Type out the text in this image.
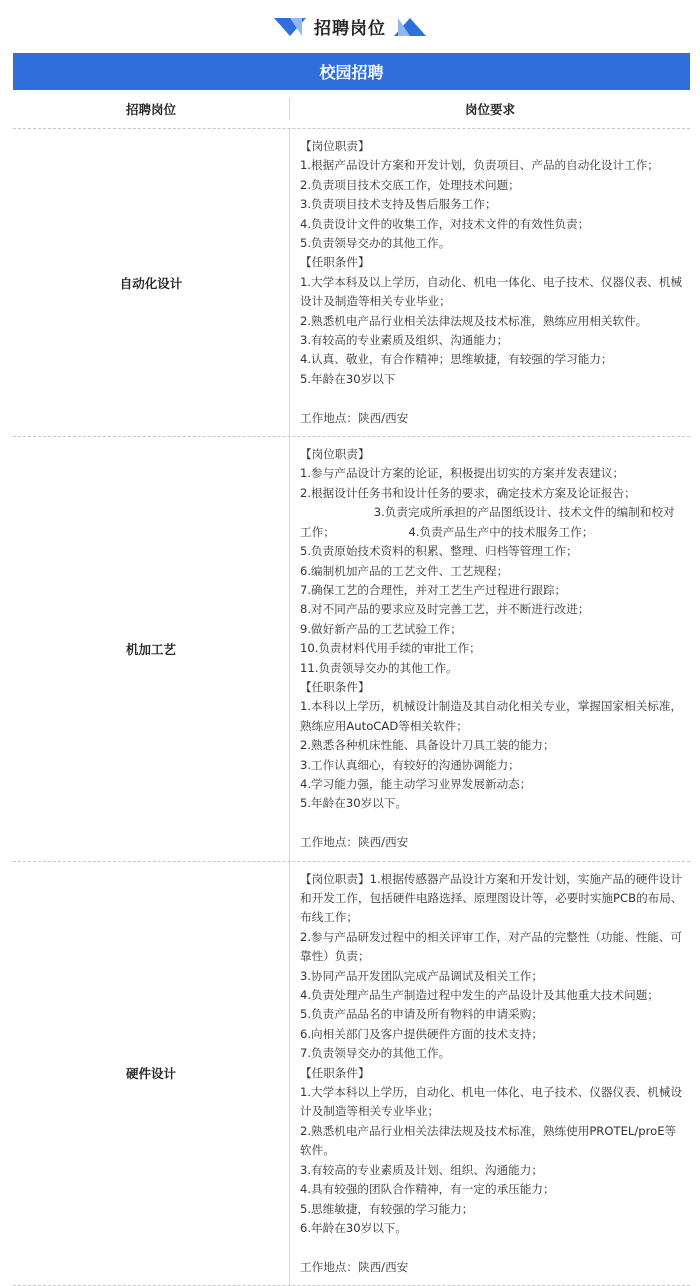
招聘岗位
校园招聘
招聘岗位	岗位要求
自动化设计
【岗位职责】
1.根据产品设计方案和开发计划，负责项目、产品的自动化设计工作；
2.负责项目技术交底工作，处理技术问题；
3.负责项目技术支持及售后服务工作；
4.负责设计文件的收集工作，对技术文件的有效性负责；
5.负责领导交办的其他工作。
【任职条件】
1.大学本科及以上学历，自动化、机电一体化、电子技术、仪器仪表、机械设计及制造等相关专业毕业；
2.熟悉机电产品行业相关法律法规及技术标准，熟练应用相关软件。
3.有较高的专业素质及组织、沟通能力；
4.认真、敬业，有合作精神；思维敏捷，有较强的学习能力；
5.年龄在30岁以下
工作地点：陕西/西安
机加工艺
【岗位职责】
1.参与产品设计方案的论证，积极提出切实的方案并发表建议；
2.根据设计任务书和设计任务的要求，确定技术方案及论证报告；
3.负责完成所承担的产品图纸设计、技术文件的编制和校对工作；                    4.负责产品生产中的技术服务工作；
5.负责原始技术资料的积累、整理、归档等管理工作；
6.编制机加产品的工艺文件、工艺规程；
7.确保工艺的合理性，并对工艺生产过程进行跟踪；
8.对不同产品的要求应及时完善工艺，并不断进行改进；
9.做好新产品的工艺试验工作；
10.负责材料代用手续的审批工作；
11.负责领导交办的其他工作。
【任职条件】
1.本科以上学历，机械设计制造及其自动化相关专业，掌握国家相关标准，熟练应用AutoCAD等相关软件；
2.熟悉各种机床性能、具备设计刀具工装的能力；
3.工作认真细心，有较好的沟通协调能力；
4.学习能力强，能主动学习业界发展新动态；
5.年龄在30岁以下。
工作地点：陕西/西安
硬件设计
【岗位职责】1.根据传感器产品设计方案和开发计划，实施产品的硬件设计和开发工作，包括硬件电路选择、原理图设计等，必要时实施PCB的布局、布线工作；
2.参与产品研发过程中的相关评审工作，对产品的完整性（功能、性能、可靠性）负责；
3.协同产品开发团队完成产品调试及相关工作；
4.负责处理产品生产制造过程中发生的产品设计及其他重大技术问题；
5.负责产品品名的申请及所有物料的申请采购；
6.向相关部门及客户提供硬件方面的技术支持；
7.负责领导交办的其他工作。
【任职条件】
1.大学本科以上学历，自动化、机电一体化、电子技术、仪器仪表、机械设计及制造等相关专业毕业；
2.熟悉机电产品行业相关法律法规及技术标准，熟练使用PROTEL/proE等软件。
3.有较高的专业素质及计划、组织、沟通能力；
4.具有较强的团队合作精神，有一定的承压能力；
5.思维敏捷，有较强的学习能力；
6.年龄在30岁以下。
工作地点：陕西/西安
